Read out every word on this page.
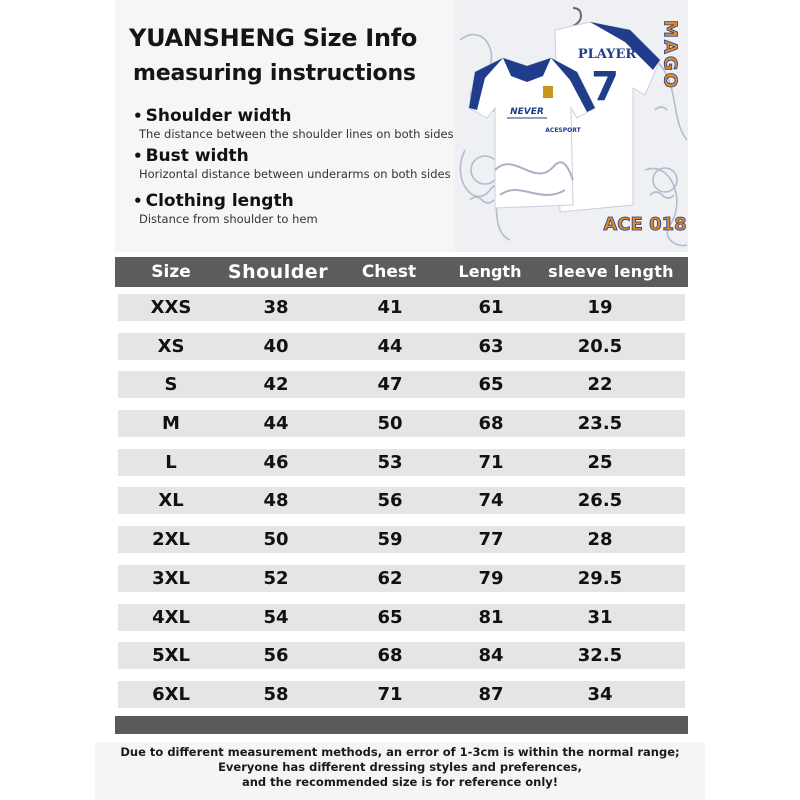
YUANSHENG Size Info
measuring instructions
• Shoulder width
The distance between the shoulder lines on both sides
• Bust width
Horizontal distance between underarms on both sides
• Clothing length
Distance from shoulder to hem
PLAYER
7
NEVER
ACESPORT
MAGO
ACE 018
Size	Shoulder	Chest	Length	sleeve length
XXS	38	41	61	19
XS	40	44	63	20.5
S	42	47	65	22
M	44	50	68	23.5
L	46	53	71	25
XL	48	56	74	26.5
2XL	50	59	77	28
3XL	52	62	79	29.5
4XL	54	65	81	31
5XL	56	68	84	32.5
6XL	58	71	87	34
Due to different measurement methods, an error of 1-3cm is within the normal range;
Everyone has different dressing styles and preferences,
and the recommended size is for reference only!
